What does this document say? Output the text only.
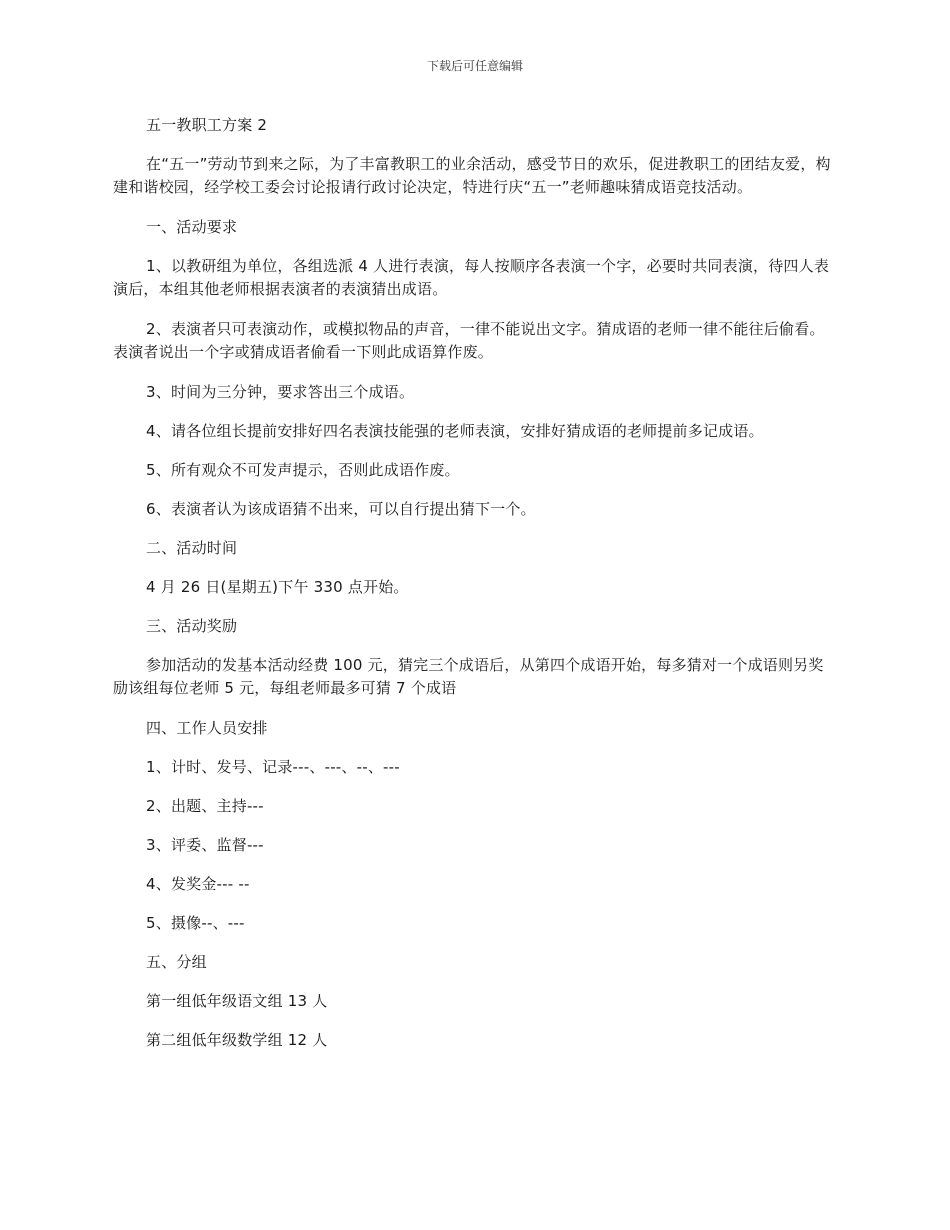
下载后可任意编辑

五一教职工方案 2

在“五一”劳动节到来之际，为了丰富教职工的业余活动，感受节日的欢乐，促进教职工的团结友爱，构建和谐校园，经学校工委会讨论报请行政讨论决定，特进行庆“五一”老师趣味猜成语竞技活动。

一、活动要求

1、以教研组为单位，各组选派 4 人进行表演，每人按顺序各表演一个字，必要时共同表演，待四人表演后，本组其他老师根据表演者的表演猜出成语。

2、表演者只可表演动作，或模拟物品的声音，一律不能说出文字。猜成语的老师一律不能往后偷看。表演者说出一个字或猜成语者偷看一下则此成语算作废。

3、时间为三分钟，要求答出三个成语。

4、请各位组长提前安排好四名表演技能强的老师表演，安排好猜成语的老师提前多记成语。

5、所有观众不可发声提示，否则此成语作废。

6、表演者认为该成语猜不出来，可以自行提出猜下一个。

二、活动时间

4 月 26 日(星期五)下午 330 点开始。

三、活动奖励

参加活动的发基本活动经费 100 元，猜完三个成语后，从第四个成语开始，每多猜对一个成语则另奖励该组每位老师 5 元，每组老师最多可猜 7 个成语

四、工作人员安排

1、计时、发号、记录---、---、--、---

2、出题、主持---

3、评委、监督---

4、发奖金--- --

5、摄像--、---

五、分组

第一组低年级语文组 13 人

第二组低年级数学组 12 人
